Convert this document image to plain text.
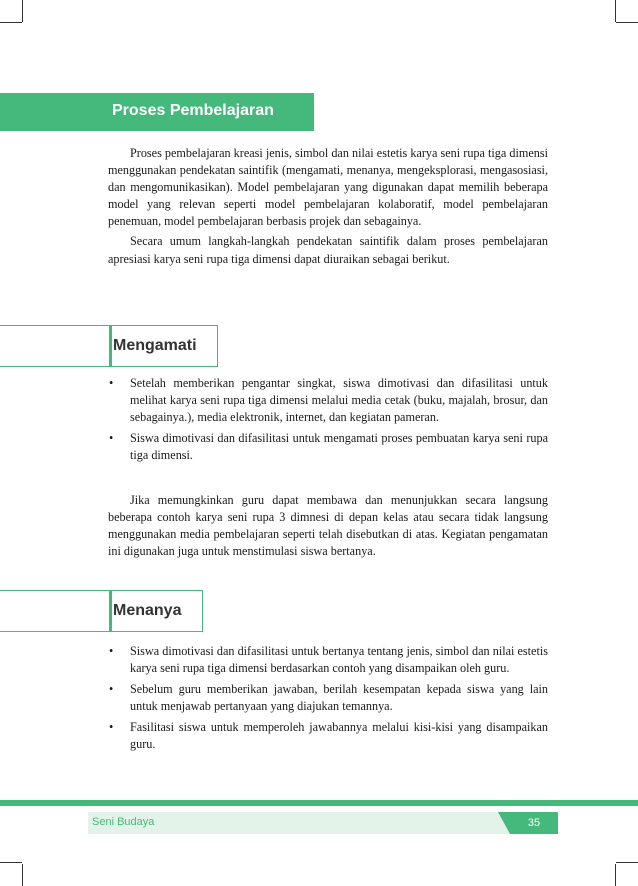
Proses Pembelajaran

Proses pembelajaran kreasi jenis, simbol dan nilai estetis karya seni rupa tiga dimensi menggunakan pendekatan saintifik (mengamati, menanya, mengeksplorasi, mengasosiasi, dan mengomunikasikan). Model pembelajaran yang digunakan dapat memilih beberapa model yang relevan seperti model pembelajaran kolaboratif, model pembelajaran penemuan, model pembelajaran berbasis projek dan sebagainya.

Secara umum langkah-langkah pendekatan saintifik dalam proses pembelajaran apresiasi karya seni rupa tiga dimensi dapat diuraikan sebagai berikut.

Mengamati
• Setelah memberikan pengantar singkat, siswa dimotivasi dan difasilitasi untuk melihat karya seni rupa tiga dimensi melalui media cetak (buku, majalah, brosur, dan sebagainya.), media elektronik, internet, dan kegiatan pameran.
• Siswa dimotivasi dan difasilitasi untuk mengamati proses pembuatan karya seni rupa tiga dimensi.

Jika memungkinkan guru dapat membawa dan menunjukkan secara langsung beberapa contoh karya seni rupa 3 dimnesi di depan kelas atau secara tidak langsung menggunakan media pembelajaran seperti telah disebutkan di atas. Kegiatan pengamatan ini digunakan juga untuk menstimulasi siswa bertanya.

Menanya
• Siswa dimotivasi dan difasilitasi untuk bertanya tentang jenis, simbol dan nilai estetis karya seni rupa tiga dimensi berdasarkan contoh yang disampaikan oleh guru.
• Sebelum guru memberikan jawaban, berilah kesempatan kepada siswa yang lain untuk menjawab pertanyaan yang diajukan temannya.
• Fasilitasi siswa untuk memperoleh jawabannya melalui kisi-kisi yang disampaikan guru.
Seni Budaya	35
